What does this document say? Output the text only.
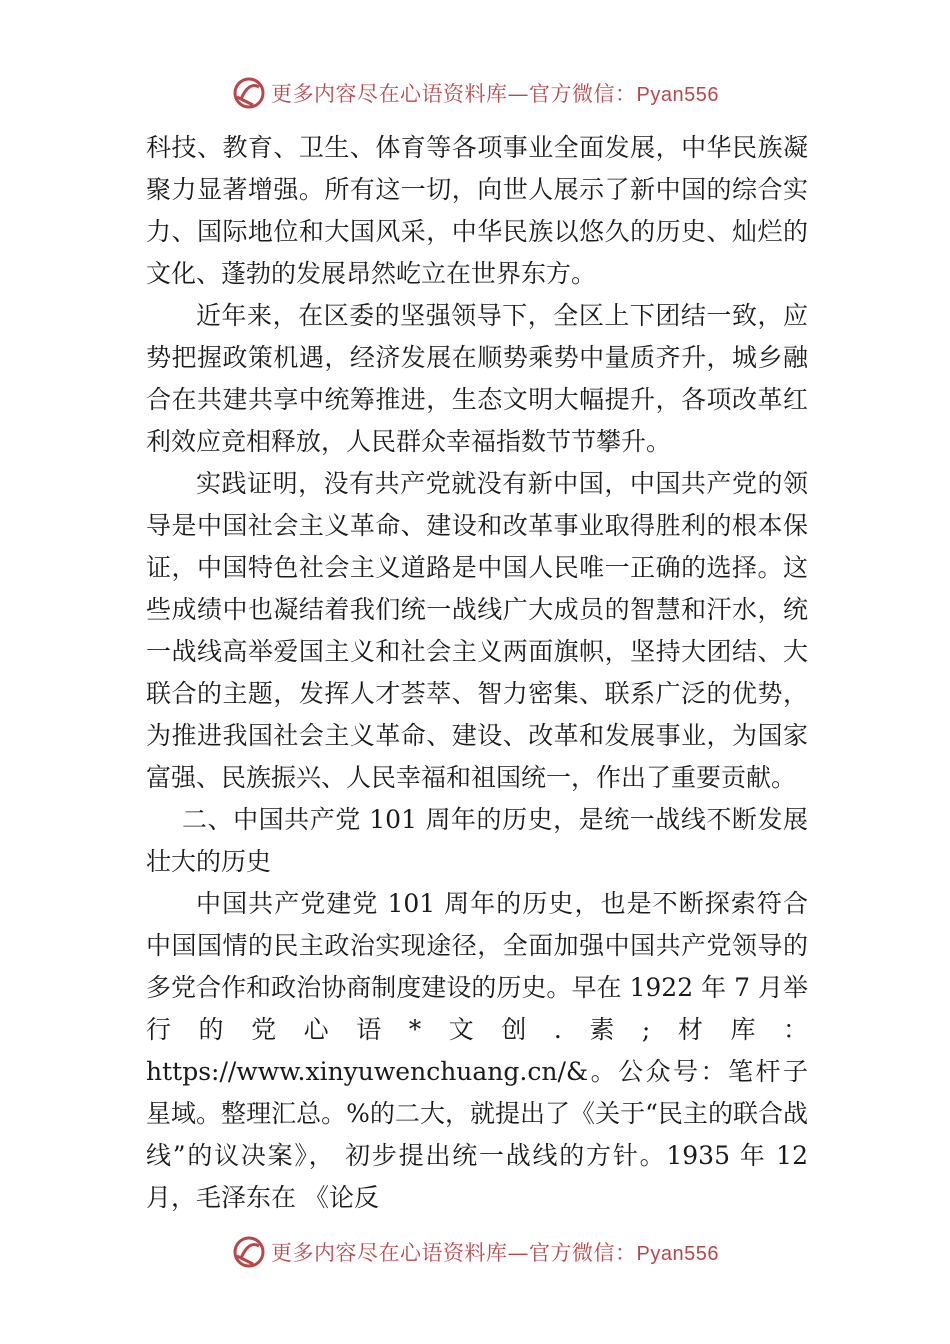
更多内容尽在心语资料库—官方微信：Pyan556

科技、教育、卫生、体育等各项事业全面发展，中华民族凝聚力显著增强。所有这一切，向世人展示了新中国的综合实力、国际地位和大国风采，中华民族以悠久的历史、灿烂的文化、蓬勃的发展昂然屹立在世界东方。

近年来，在区委的坚强领导下，全区上下团结一致，应势把握政策机遇，经济发展在顺势乘势中量质齐升，城乡融合在共建共享中统筹推进，生态文明大幅提升，各项改革红利效应竞相释放，人民群众幸福指数节节攀升。

实践证明，没有共产党就没有新中国，中国共产党的领导是中国社会主义革命、建设和改革事业取得胜利的根本保证，中国特色社会主义道路是中国人民唯一正确的选择。这些成绩中也凝结着我们统一战线广大成员的智慧和汗水，统一战线高举爱国主义和社会主义两面旗帜，坚持大团结、大联合的主题，发挥人才荟萃、智力密集、联系广泛的优势，为推进我国社会主义革命、建设、改革和发展事业，为国家富强、民族振兴、人民幸福和祖国统一，作出了重要贡献。

二、中国共产党 101 周年的历史，是统一战线不断发展壮大的历史

中国共产党建党 101 周年的历史，也是不断探索符合中国国情的民主政治实现途径，全面加强中国共产党领导的多党合作和政治协商制度建设的历史。早在 1922 年 7 月举行的党心语*文创.素;材库：https://www.xinyuwenchuang.cn/&。公众号：笔杆子星域。整理汇总。%的二大，就提出了《关于“民主的联合战线”的议决案》， 初步提出统一战线的方针。1935 年 12 月，毛泽东在 《论反

更多内容尽在心语资料库—官方微信：Pyan556
